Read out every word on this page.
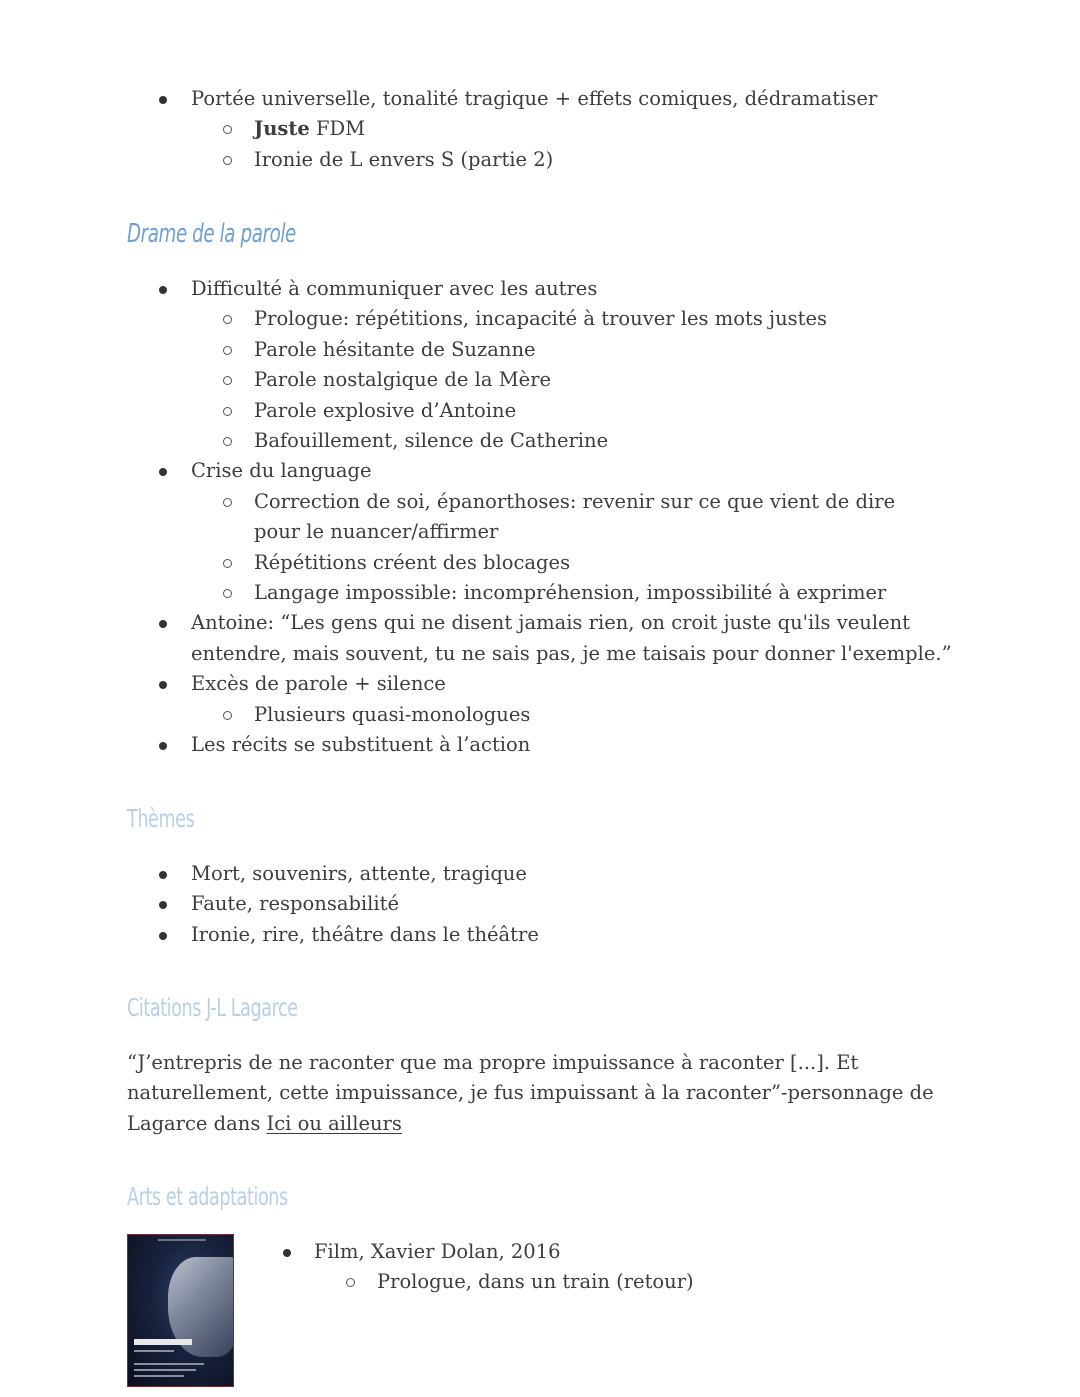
Portée universelle, tonalité tragique + effets comiques, dédramatiser
Juste FDM
Ironie de L envers S (partie 2)
Drame de la parole
Difficulté à communiquer avec les autres
Prologue: répétitions, incapacité à trouver les mots justes
Parole hésitante de Suzanne
Parole nostalgique de la Mère
Parole explosive d’Antoine
Bafouillement, silence de Catherine
Crise du language
Correction de soi, épanorthoses: revenir sur ce que vient de dire pour le nuancer/affirmer
Répétitions créent des blocages
Langage impossible: incompréhension, impossibilité à exprimer
Antoine: “Les gens qui ne disent jamais rien, on croit juste qu'ils veulent entendre, mais souvent, tu ne sais pas, je me taisais pour donner l'exemple.”
Excès de parole + silence
Plusieurs quasi-monologues
Les récits se substituent à l’action
Thèmes
Mort, souvenirs, attente, tragique
Faute, responsabilité
Ironie, rire, théâtre dans le théâtre
Citations J-L Lagarce
“J’entrepris de ne raconter que ma propre impuissance à raconter [...]. Et naturellement, cette impuissance, je fus impuissant à la raconter”-personnage de Lagarce dans Ici ou ailleurs
Arts et adaptations
Film, Xavier Dolan, 2016
Prologue, dans un train (retour)
